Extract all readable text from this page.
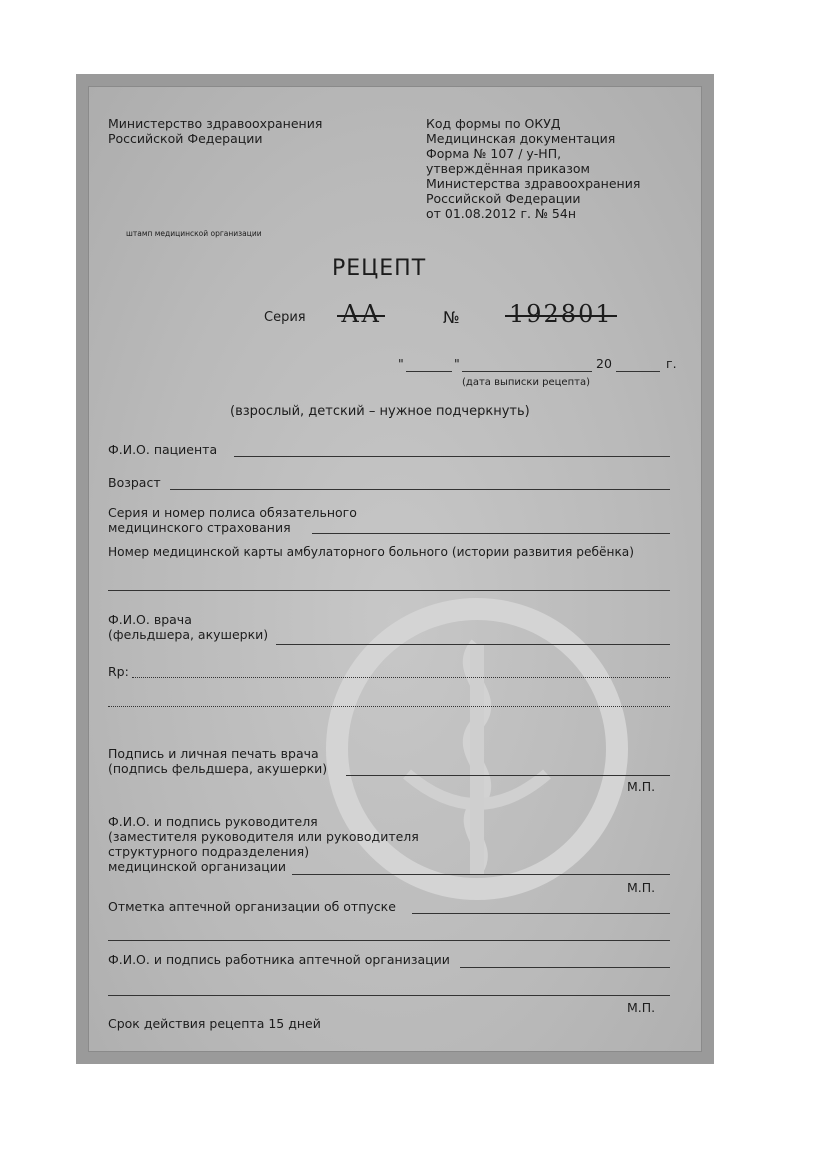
Министерство здравоохранения
Российской Федерации
Код формы по ОКУД
Медицинская документация
Форма № 107 / у-НП,
утверждённая приказом
Министерства здравоохранения
Российской Федерации
от 01.08.2012 г. № 54н
штамп медицинской организации
РЕЦЕПТ
Серия АА	№ 192801
"	"	20	г.
(дата выписки рецепта)
(взрослый, детский – нужное подчеркнуть)
Ф.И.О. пациента
Возраст
Серия и номер полиса обязательного
медицинского страхования
Номер медицинской карты амбулаторного больного (истории развития ребёнка)
Ф.И.О. врача
(фельдшера, акушерки)
Rp:
Подпись и личная печать врача
(подпись фельдшера, акушерки)
М.П.
Ф.И.О. и подпись руководителя
(заместителя руководителя или руководителя
структурного подразделения)
медицинской организации
М.П.
Отметка аптечной организации об отпуске
Ф.И.О. и подпись работника аптечной организации
М.П.
Срок действия рецепта 15 дней
